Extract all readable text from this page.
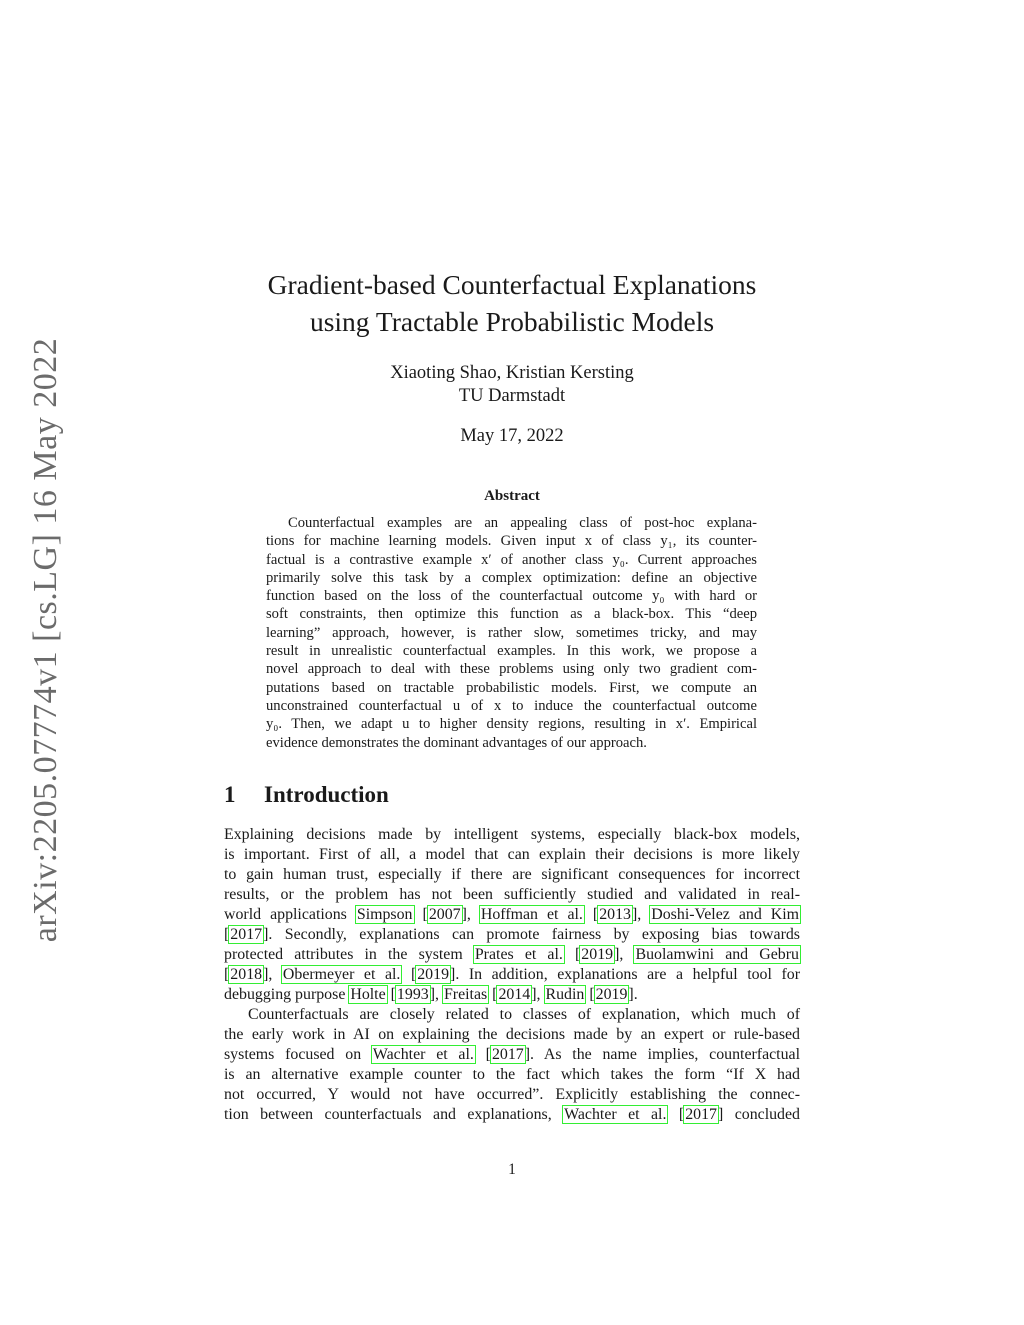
arXiv:2205.07774v1 [cs.LG] 16 May 2022
Gradient-based Counterfactual Explanations
using Tractable Probabilistic Models
Xiaoting Shao, Kristian Kersting
TU Darmstadt
May 17, 2022
Abstract
Counterfactual examples are an appealing class of post-hoc explana-
tions for machine learning models. Given input x of class y₁, its counter-
factual is a contrastive example x′ of another class y₀. Current approaches
primarily solve this task by a complex optimization: define an objective
function based on the loss of the counterfactual outcome y₀ with hard or
soft constraints, then optimize this function as a black-box. This “deep
learning” approach, however, is rather slow, sometimes tricky, and may
result in unrealistic counterfactual examples. In this work, we propose a
novel approach to deal with these problems using only two gradient com-
putations based on tractable probabilistic models. First, we compute an
unconstrained counterfactual u of x to induce the counterfactual outcome
y₀. Then, we adapt u to higher density regions, resulting in x′. Empirical
evidence demonstrates the dominant advantages of our approach.
1 Introduction
Explaining decisions made by intelligent systems, especially black-box models,
is important. First of all, a model that can explain their decisions is more likely
to gain human trust, especially if there are significant consequences for incorrect
results, or the problem has not been sufficiently studied and validated in real-
world applications Simpson [2007], Hoffman et al. [2013], Doshi-Velez and Kim
[2017]. Secondly, explanations can promote fairness by exposing bias towards
protected attributes in the system Prates et al. [2019], Buolamwini and Gebru
[2018], Obermeyer et al. [2019]. In addition, explanations are a helpful tool for
debugging purpose Holte [1993], Freitas [2014], Rudin [2019].
Counterfactuals are closely related to classes of explanation, which much of
the early work in AI on explaining the decisions made by an expert or rule-based
systems focused on Wachter et al. [2017]. As the name implies, counterfactual
is an alternative example counter to the fact which takes the form “If X had
not occurred, Y would not have occurred”. Explicitly establishing the connec-
tion between counterfactuals and explanations, Wachter et al. [2017] concluded
1
